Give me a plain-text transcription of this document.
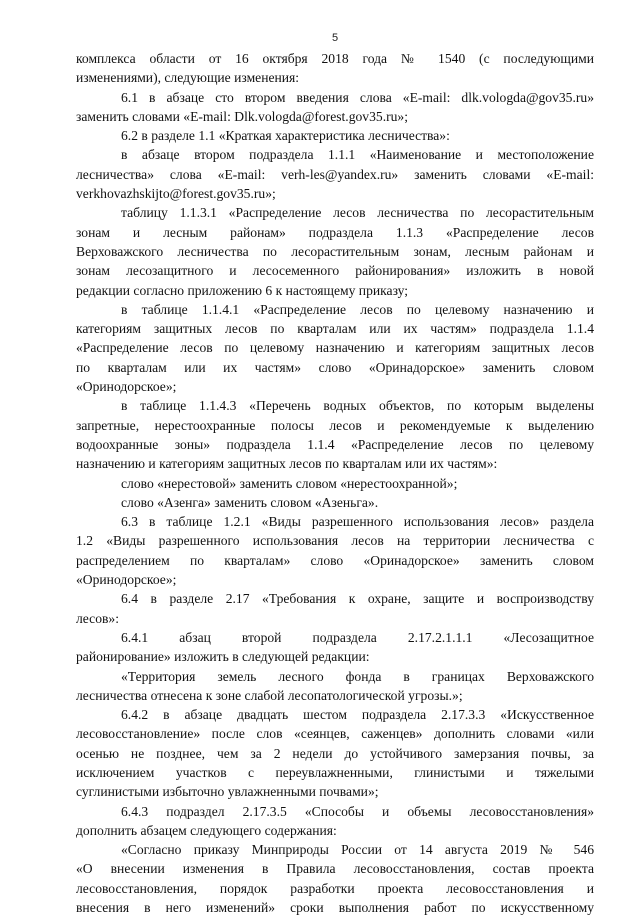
5
комплекса области от 16 октября 2018 года № 1540 (с последующими
изменениями), следующие изменения:
6.1 в абзаце сто втором введения слова «E-mail: dlk.vologda@gov35.ru»
заменить словами «E-mail: Dlk.vologda@forest.gov35.ru»;
6.2 в разделе 1.1 «Краткая характеристика лесничества»:
в абзаце втором подраздела 1.1.1 «Наименование и местоположение
лесничества» слова «E-mail: verh-les@yandex.ru» заменить словами «E-mail:
verkhovazhskijto@forest.gov35.ru»;
таблицу 1.1.3.1 «Распределение лесов лесничества по лесорастительным
зонам и лесным районам» подраздела 1.1.3 «Распределение лесов
Верховажского лесничества по лесорастительным зонам, лесным районам и
зонам лесозащитного и лесосеменного районирования» изложить в новой
редакции согласно приложению 6 к настоящему приказу;
в таблице 1.1.4.1 «Распределение лесов по целевому назначению и
категориям защитных лесов по кварталам или их частям» подраздела 1.1.4
«Распределение лесов по целевому назначению и категориям защитных лесов
по кварталам или их частям» слово «Оринадорское» заменить словом
«Оринодорское»;
в таблице 1.1.4.3 «Перечень водных объектов, по которым выделены
запретные, нерестоохранные полосы лесов и рекомендуемые к выделению
водоохранные зоны» подраздела 1.1.4 «Распределение лесов по целевому
назначению и категориям защитных лесов по кварталам или их частям»:
слово «нерестовой» заменить словом «нерестоохранной»;
слово «Азенга» заменить словом «Азеньга».
6.3 в таблице 1.2.1 «Виды разрешенного использования лесов» раздела
1.2 «Виды разрешенного использования лесов на территории лесничества с
распределением по кварталам» слово «Оринадорское» заменить словом
«Оринодорское»;
6.4 в разделе 2.17 «Требования к охране, защите и воспроизводству
лесов»:
6.4.1 абзац второй подраздела 2.17.2.1.1.1 «Лесозащитное
районирование» изложить в следующей редакции:
«Территория земель лесного фонда в границах Верховажского
лесничества отнесена к зоне слабой лесопатологической угрозы.»;
6.4.2 в абзаце двадцать шестом подраздела 2.17.3.3 «Искусственное
лесовосстановление» после слов «сеянцев, саженцев» дополнить словами «или
осенью не позднее, чем за 2 недели до устойчивого замерзания почвы, за
исключением участков с переувлажненными, глинистыми и тяжелыми
суглинистыми избыточно увлажненными почвами»;
6.4.3 подраздел 2.17.3.5 «Способы и объемы лесовосстановления»
дополнить абзацем следующего содержания:
«Согласно приказу Минприроды России от 14 августа 2019 № 546
«О внесении изменения в Правила лесовосстановления, состав проекта
лесовосстановления, порядок разработки проекта лесовосстановления и
внесения в него изменений» сроки выполнения работ по искусственному
